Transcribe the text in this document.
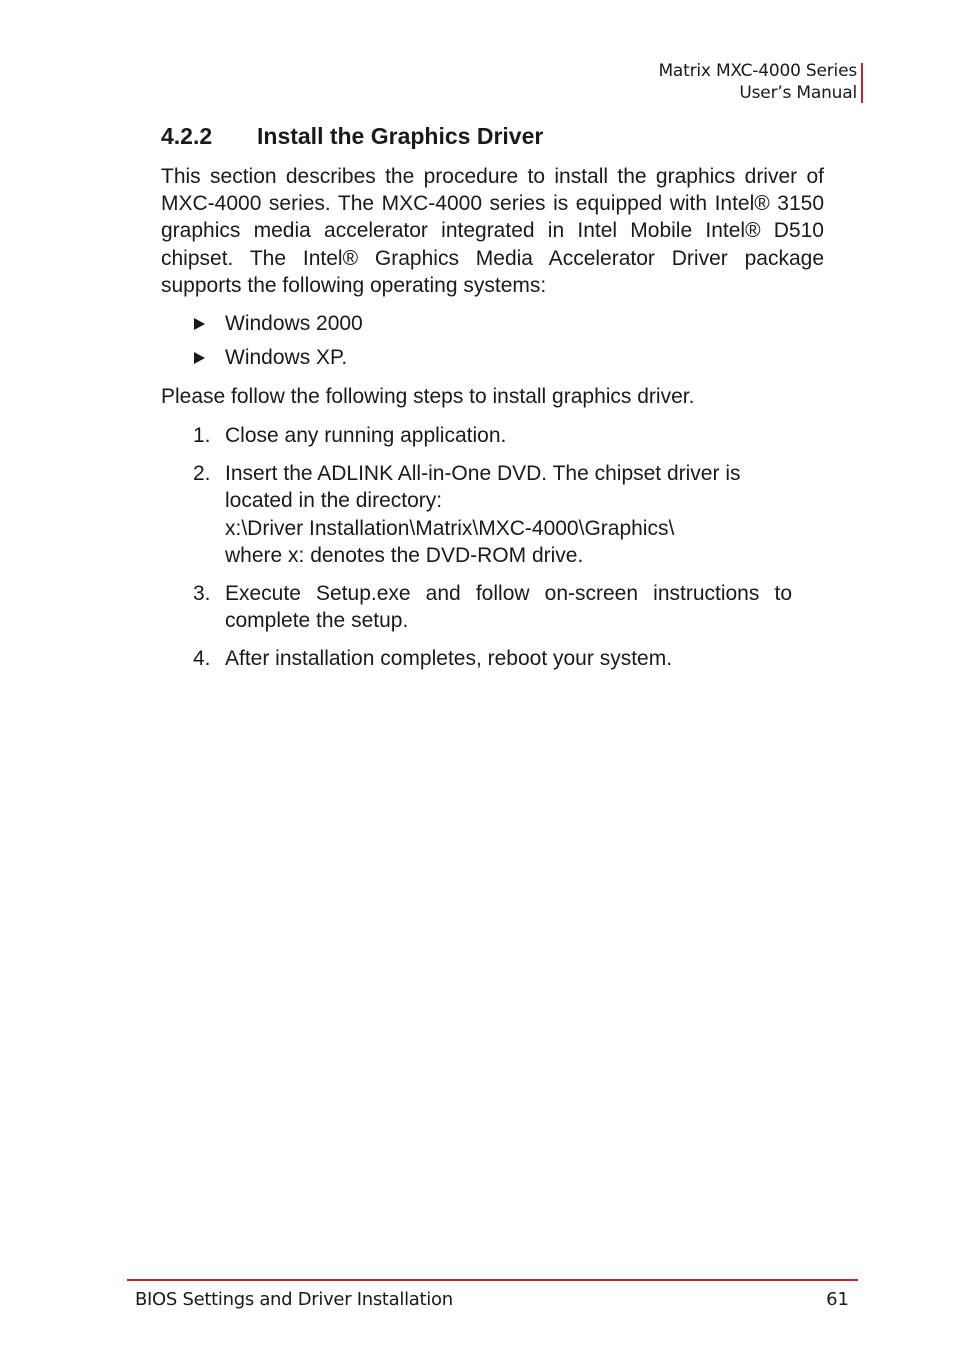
Matrix MXC-4000 Series
User’s Manual
4.2.2 Install the Graphics Driver

This section describes the procedure to install the graphics driver of MXC-4000 series. The MXC-4000 series is equipped with Intel® 3150 graphics media accelerator integrated in Intel Mobile Intel® D510 chipset. The Intel® Graphics Media Accelerator Driver package supports the following operating systems:

Windows 2000
Windows XP.

Please follow the following steps to install graphics driver.

1. Close any running application.
2. Insert the ADLINK All-in-One DVD. The chipset driver is located in the directory:
x:\Driver Installation\Matrix\MXC-4000\Graphics\
where x: denotes the DVD-ROM drive.
3. Execute Setup.exe and follow on-screen instructions to complete the setup.
4. After installation completes, reboot your system.
BIOS Settings and Driver Installation	61
